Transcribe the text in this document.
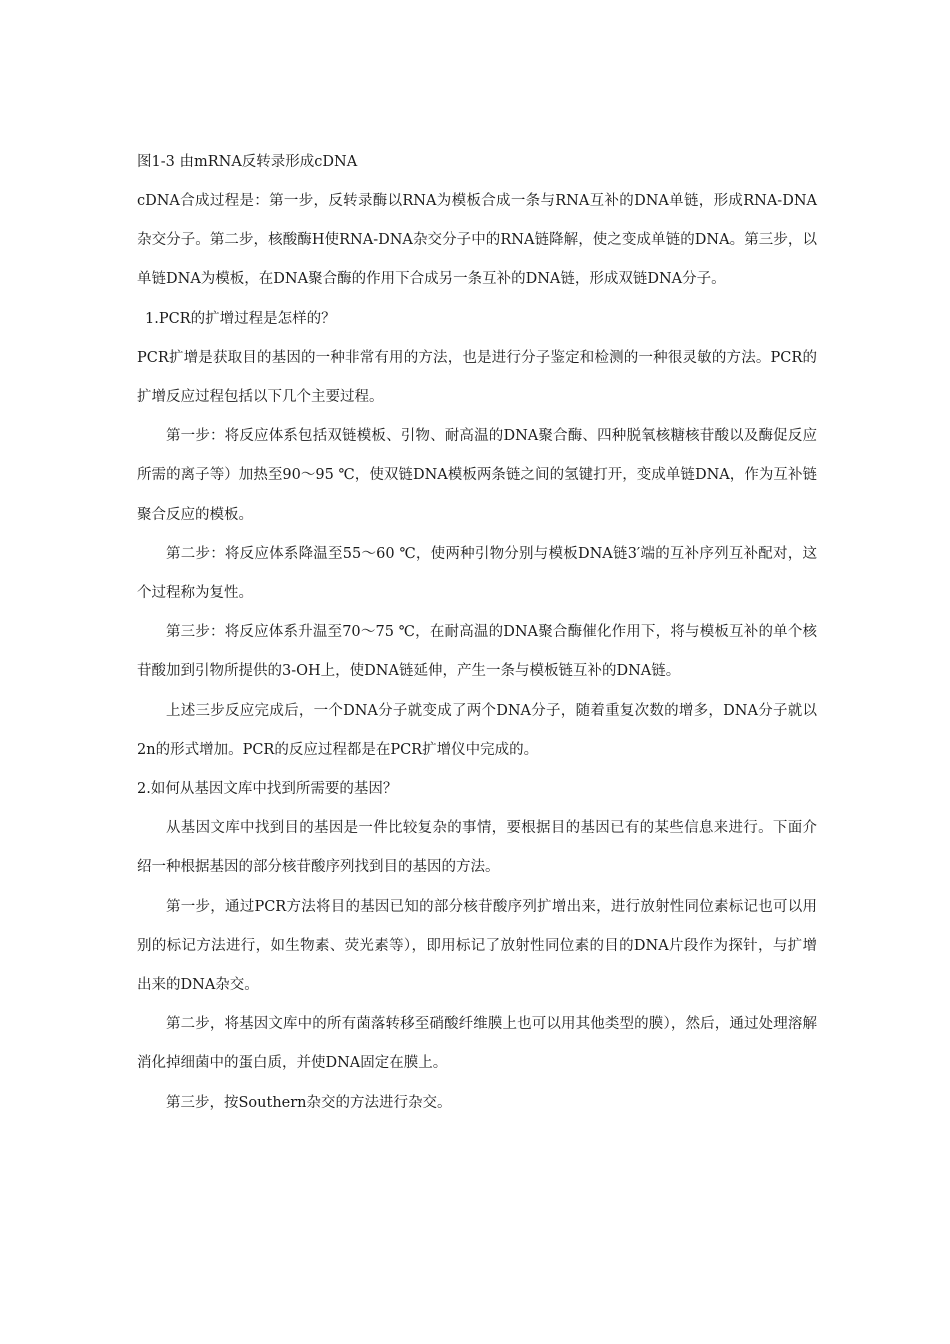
图1-3 由mRNA反转录形成cDNA

cDNA合成过程是：第一步，反转录酶以RNA为模板合成一条与RNA互补的DNA单链，形成RNA-DNA杂交分子。第二步，核酸酶H使RNA-DNA杂交分子中的RNA链降解，使之变成单链的DNA。第三步，以单链DNA为模板，在DNA聚合酶的作用下合成另一条互补的DNA链，形成双链DNA分子。

1.PCR的扩增过程是怎样的？

PCR扩增是获取目的基因的一种非常有用的方法，也是进行分子鉴定和检测的一种很灵敏的方法。PCR的扩增反应过程包括以下几个主要过程。

第一步：将反应体系包括双链模板、引物、耐高温的DNA聚合酶、四种脱氧核糖核苷酸以及酶促反应所需的离子等）加热至90～95 ℃，使双链DNA模板两条链之间的氢键打开，变成单链DNA，作为互补链聚合反应的模板。

第二步：将反应体系降温至55～60 ℃，使两种引物分别与模板DNA链3′端的互补序列互补配对，这个过程称为复性。

第三步：将反应体系升温至70～75 ℃，在耐高温的DNA聚合酶催化作用下，将与模板互补的单个核苷酸加到引物所提供的3-OH上，使DNA链延伸，产生一条与模板链互补的DNA链。

上述三步反应完成后，一个DNA分子就变成了两个DNA分子，随着重复次数的增多，DNA分子就以2n的形式增加。PCR的反应过程都是在PCR扩增仪中完成的。

2.如何从基因文库中找到所需要的基因？

从基因文库中找到目的基因是一件比较复杂的事情，要根据目的基因已有的某些信息来进行。下面介绍一种根据基因的部分核苷酸序列找到目的基因的方法。

第一步，通过PCR方法将目的基因已知的部分核苷酸序列扩增出来，进行放射性同位素标记也可以用别的标记方法进行，如生物素、荧光素等），即用标记了放射性同位素的目的DNA片段作为探针，与扩增出来的DNA杂交。

第二步，将基因文库中的所有菌落转移至硝酸纤维膜上也可以用其他类型的膜），然后，通过处理溶解消化掉细菌中的蛋白质，并使DNA固定在膜上。

第三步，按Southern杂交的方法进行杂交。
